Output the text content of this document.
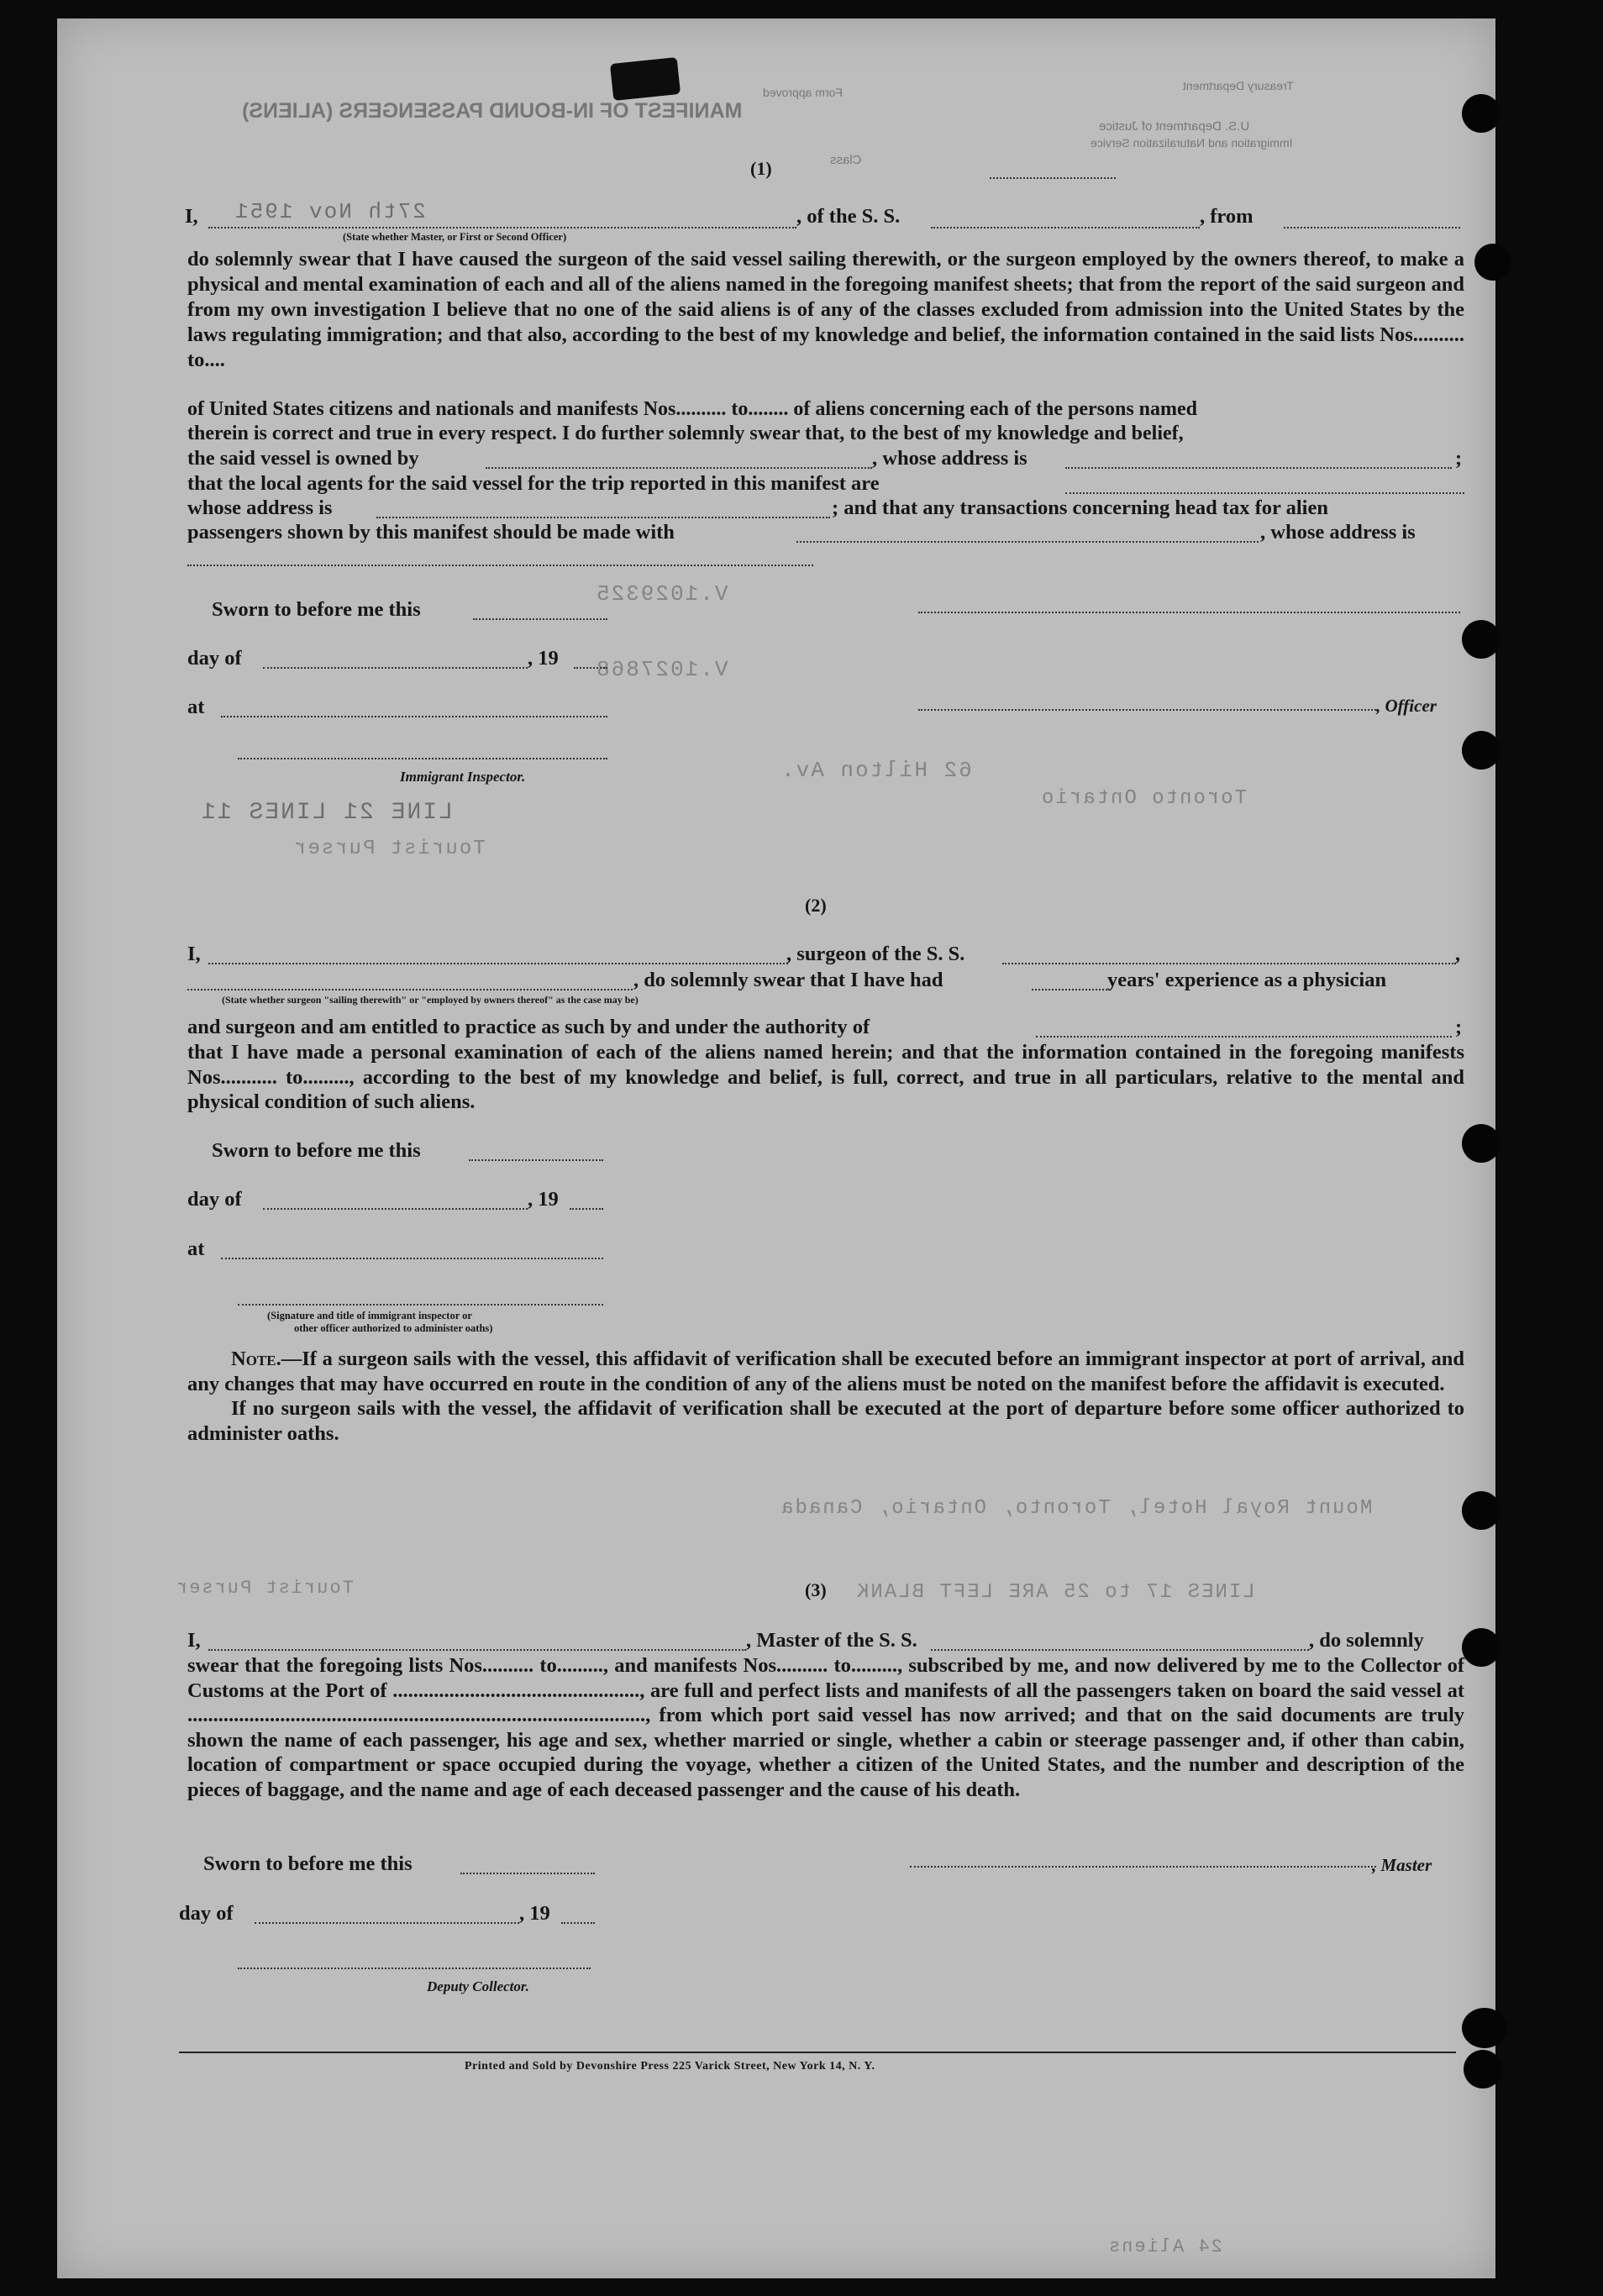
MANIFEST OF IN-BOUND PASSENGERS (ALIENS)
U.S. Department of Justice
Immigration and Naturalization Service
Treasury Department
Form approved
Class
27th Nov 1951
V.1029325
V.1027868
62 Hilton Av.
Toronto Ontario
LINE 21 LINES 11
Tourist Purser
Mount Royal Hotel, Toronto, Ontario, Canada
LINES 17 to 25 ARE LEFT BLANK
24 Aliens
Tourist Purser
(1)
I,	, of the S. S.	, from
(State whether Master, or First or Second Officer)

do solemnly swear that I have caused the surgeon of the said vessel sailing therewith, or the surgeon employed by the owners thereof, to make a physical and mental examination of each and all of the aliens named in the foregoing manifest sheets; that from the report of the said surgeon and from my own investigation I believe that no one of the said aliens is of any of the classes excluded from admission into the United States by the laws regulating immigration; and that also, according to the best of my knowledge and belief, the information contained in the said lists Nos.......... to....

of United States citizens and nationals and manifests Nos.......... to........ of aliens concerning each of the persons named
therein is correct and true in every respect. I do further solemnly swear that, to the best of my knowledge and belief,
the said vessel is owned by	, whose address is	;
that the local agents for the said vessel for the trip reported in this manifest are
whose address is	; and that any transactions concerning head tax for alien
passengers shown by this manifest should be made with	, whose address is
Sworn to before me this
day of	, 19
at	, Officer
Immigrant Inspector.
(2)
I,	, surgeon of the S. S.	,
, do solemnly swear that I have had	years' experience as a physician
(State whether surgeon "sailing therewith" or "employed by owners thereof" as the case may be)
and surgeon and am entitled to practice as such by and under the authority of	;

that I have made a personal examination of each of the aliens named herein; and that the information contained in the foregoing manifests Nos........... to........., according to the best of my knowledge and belief, is full, correct, and true in all particulars, relative to the mental and physical condition of such aliens.

Sworn to before me this
day of	, 19
at
(Signature and title of immigrant inspector or
other officer authorized to administer oaths)

Note.—If a surgeon sails with the vessel, this affidavit of verification shall be executed before an immigrant inspector at port of arrival, and any changes that may have occurred en route in the condition of any of the aliens must be noted on the manifest before the affidavit is executed.

If no surgeon sails with the vessel, the affidavit of verification shall be executed at the port of departure before some officer authorized to administer oaths.

(3)
I,	, Master of the S. S.	, do solemnly

swear that the foregoing lists Nos.......... to........., and manifests Nos.......... to........., subscribed by me, and now delivered by me to the Collector of Customs at the Port of ................................................, are full and perfect lists and manifests of all the passengers taken on board the said vessel at ........................................................................................., from which port said vessel has now arrived; and that on the said documents are truly shown the name of each passenger, his age and sex, whether married or single, whether a cabin or steerage passenger and, if other than cabin, location of compartment or space occupied during the voyage, whether a citizen of the United States, and the number and description of the pieces of baggage, and the name and age of each deceased passenger and the cause of his death.

Sworn to before me this	, Master
day of	, 19
Deputy Collector.
Printed and Sold by Devonshire Press 225 Varick Street, New York 14, N. Y.
